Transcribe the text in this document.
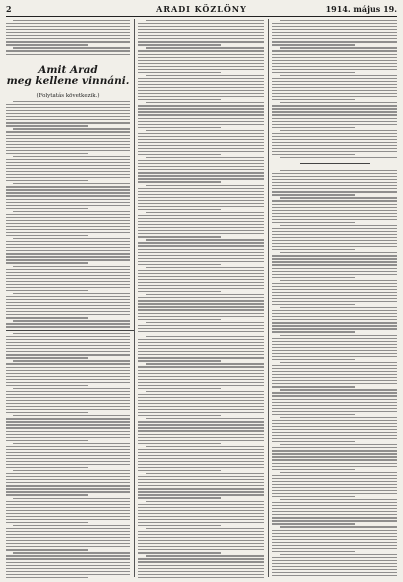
2	ARADI KÖZLÖNY	1914. május 19.
Amit Arad
meg kellene vinnáni.
(Folytatás következik.)
